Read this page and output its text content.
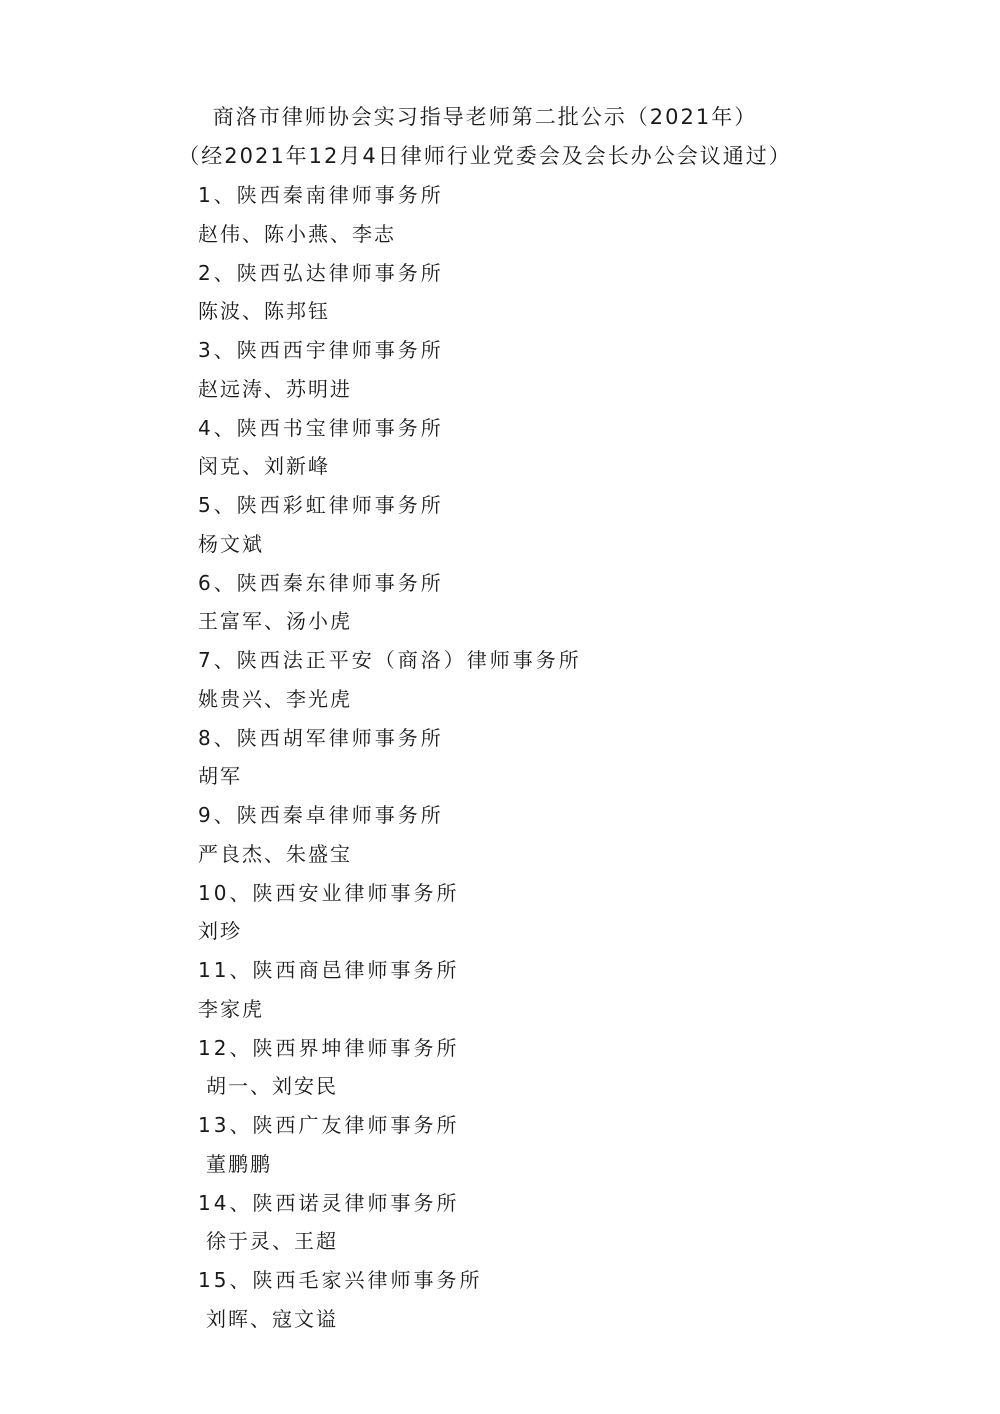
商洛市律师协会实习指导老师第二批公示（2021年）
（经2021年12月4日律师行业党委会及会长办公会议通过）
1、陕西秦南律师事务所
赵伟、陈小燕、李志
2、陕西弘达律师事务所
陈波、陈邦钰
3、陕西西宇律师事务所
赵远涛、苏明进
4、陕西书宝律师事务所
闵克、刘新峰
5、陕西彩虹律师事务所
杨文斌
6、陕西秦东律师事务所
王富军、汤小虎
7、陕西法正平安（商洛）律师事务所
姚贵兴、李光虎
8、陕西胡军律师事务所
胡军
9、陕西秦卓律师事务所
严良杰、朱盛宝
10、陕西安业律师事务所
刘珍
11、陕西商邑律师事务所
李家虎
12、陕西界坤律师事务所
胡一、刘安民
13、陕西广友律师事务所
董鹏鹏
14、陕西诺灵律师事务所
徐于灵、王超
15、陕西毛家兴律师事务所
刘晖、寇文谥
